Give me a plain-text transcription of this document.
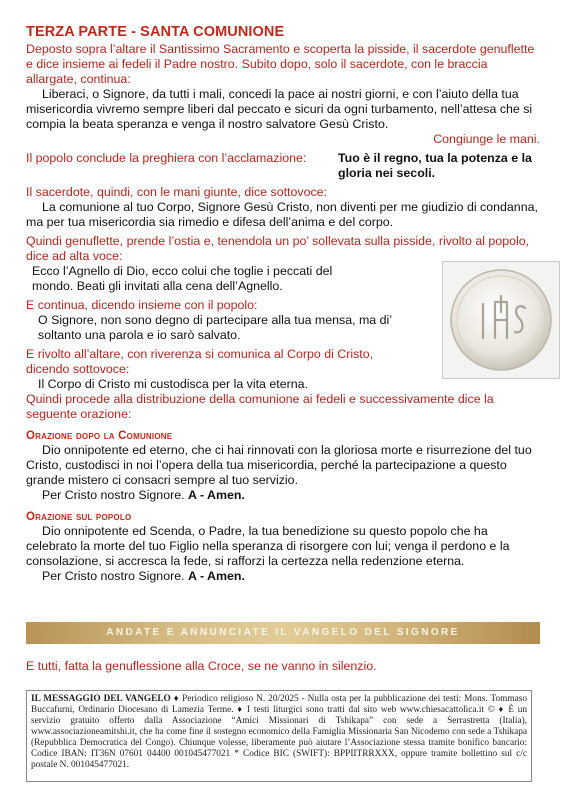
TERZA PARTE - SANTA COMUNIONE

Deposto sopra l’altare il Santissimo Sacramento e scoperta la pisside, il sacerdote genuflette e dice insieme ai fedeli il Padre nostro. Subito dopo, solo il sacerdote, con le braccia allargate, continua:

Liberaci, o Signore, da tutti i mali, concedi la pace ai nostri giorni, e con l’aiuto della tua misericordia vivremo sempre liberi dal peccato e sicuri da ogni turbamento, nell’attesa che si compia la beata speranza e venga il nostro salvatore Gesù Cristo.

Congiunge le mani.

Il popolo conclude la preghiera con l’acclamazione:	Tuo è il regno, tua la potenza e la gloria nei secoli.

Il sacerdote, quindi, con le mani giunte, dice sottovoce:

La comunione al tuo Corpo, Signore Gesù Cristo, non diventi per me giudizio di condanna, ma per tua misericordia sia rimedio e difesa dell’anima e del corpo.

Quindi genuflette, prende l’ostia e, tenendola un po’ sollevata sulla pisside, rivolto al popolo, dice ad alta voce:

Ecco l’Agnello di Dio, ecco colui che toglie i peccati del mondo. Beati gli invitati alla cena dell’Agnello.

E continua, dicendo insieme con il popolo:

O Signore, non sono degno di partecipare alla tua mensa, ma di’ soltanto una parola e io sarò salvato.

E rivolto all’altare, con riverenza si comunica al Corpo di Cristo, dicendo sottovoce:

Il Corpo di Cristo mi custodisca per la vita eterna.

Quindi procede alla distribuzione della comunione ai fedeli e successivamente dice la seguente orazione:

Orazione dopo la Comunione

Dio onnipotente ed eterno, che ci hai rinnovati con la gloriosa morte e risurrezione del tuo Cristo, custodisci in noi l’opera della tua misericordia, perché la partecipazione a questo grande mistero ci consacri sempre al tuo servizio.

Per Cristo nostro Signore. A - Amen.

Orazione sul popolo

Dio onnipotente ed Scenda, o Padre, la tua benedizione su questo popolo che ha celebrato la morte del tuo Figlio nella speranza di risorgere con lui; venga il perdono e la consolazione, si accresca la fede, si rafforzi la certezza nella redenzione eterna.

Per Cristo nostro Signore. A - Amen.

ANDATE E ANNUNCIATE IL VANGELO DEL SIGNORE
E tutti, fatta la genuflessione alla Croce, se ne vanno in silenzio.
IL MESSAGGIO DEL VANGELO ♦ Periodico religioso N. 20/2025 - Nulla osta per la pubblicazione dei testi: Mons. Tommaso Buccafurni, Ordinario Diocesano di Lamezia Terme. ♦ I testi liturgici sono tratti dal sito web www.chiesacattolica.it © ♦ È un servizio gratuito offerto dalla Associazione “Amici Missionari di Tshikapa” con sede a Serrastretta (Italia), www.associazioneamitshi.it, che ha come fine il sostegno economico della Famiglia Missionaria San Nicodemo con sede a Tshikapa (Repubblica Democratica del Congo). Chiunque volesse, liberamente può aiutare l’Associazione stessa tramite bonifico bancario: Codice IBAN: IT36N 07601 04400 001045477021 * Codice BIC (SWIFT): BPPIITRRXXX, oppure tramite bollettino sul c/c postale N. 001045477021.
